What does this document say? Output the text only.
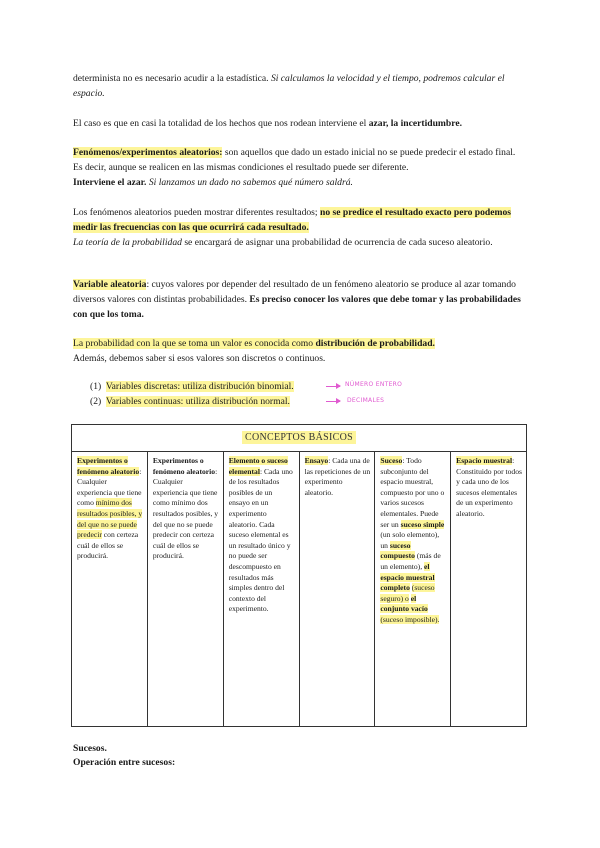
determinista no es necesario acudir a la estadística. Si calculamos la velocidad y el tiempo, podremos calcular el espacio.
El caso es que en casi la totalidad de los hechos que nos rodean interviene el azar, la incertidumbre.
Fenómenos/experimentos aleatorios: son aquellos que dado un estado inicial no se puede predecir el estado final. Es decir, aunque se realicen en las mismas condiciones el resultado puede ser diferente.
Interviene el azar. Si lanzamos un dado no sabemos qué número saldrá.
Los fenómenos aleatorios pueden mostrar diferentes resultados; no se predice el resultado exacto pero podemos medir las frecuencias con las que ocurrirá cada resultado.
La teoría de la probabilidad se encargará de asignar una probabilidad de ocurrencia de cada suceso aleatorio.
Variable aleatoria: cuyos valores por depender del resultado de un fenómeno aleatorio se produce al azar tomando diversos valores con distintas probabilidades. Es preciso conocer los valores que debe tomar y las probabilidades con que los toma.
La probabilidad con la que se toma un valor es conocida como distribución de probabilidad.
Además, debemos saber si esos valores son discretos o continuos.
(1) Variables discretas: utiliza distribución binomial.	NÚMERO ENTERO
(2) Variables continuas: utiliza distribución normal.	DECIMALES
CONCEPTOS BÁSICOS
Experimentos o fenómeno aleatorio: Cualquier experiencia que tiene como mínimo dos resultados posibles, y del que no se puede predecir con certeza cuál de ellos se producirá.	Experimentos o fenómeno aleatorio: Cualquier experiencia que tiene como mínimo dos resultados posibles, y del que no se puede predecir con certeza cuál de ellos se producirá.	Elemento o suceso elemental: Cada uno de los resultados posibles de un ensayo en un experimento aleatorio. Cada suceso elemental es un resultado único y no puede ser descompuesto en resultados más simples dentro del contexto del experimento.	Ensayo: Cada una de las repeticiones de un experimento aleatorio.	Suceso: Todo subconjunto del espacio muestral, compuesto por uno o varios sucesos elementales. Puede ser un suceso simple (un solo elemento), un suceso compuesto (más de un elemento), el espacio muestral completo (suceso seguro) o el conjunto vacío (suceso imposible).	Espacio muestral: Constituido por todos y cada uno de los sucesos elementales de un experimento aleatorio.
Sucesos.
Operación entre sucesos:
